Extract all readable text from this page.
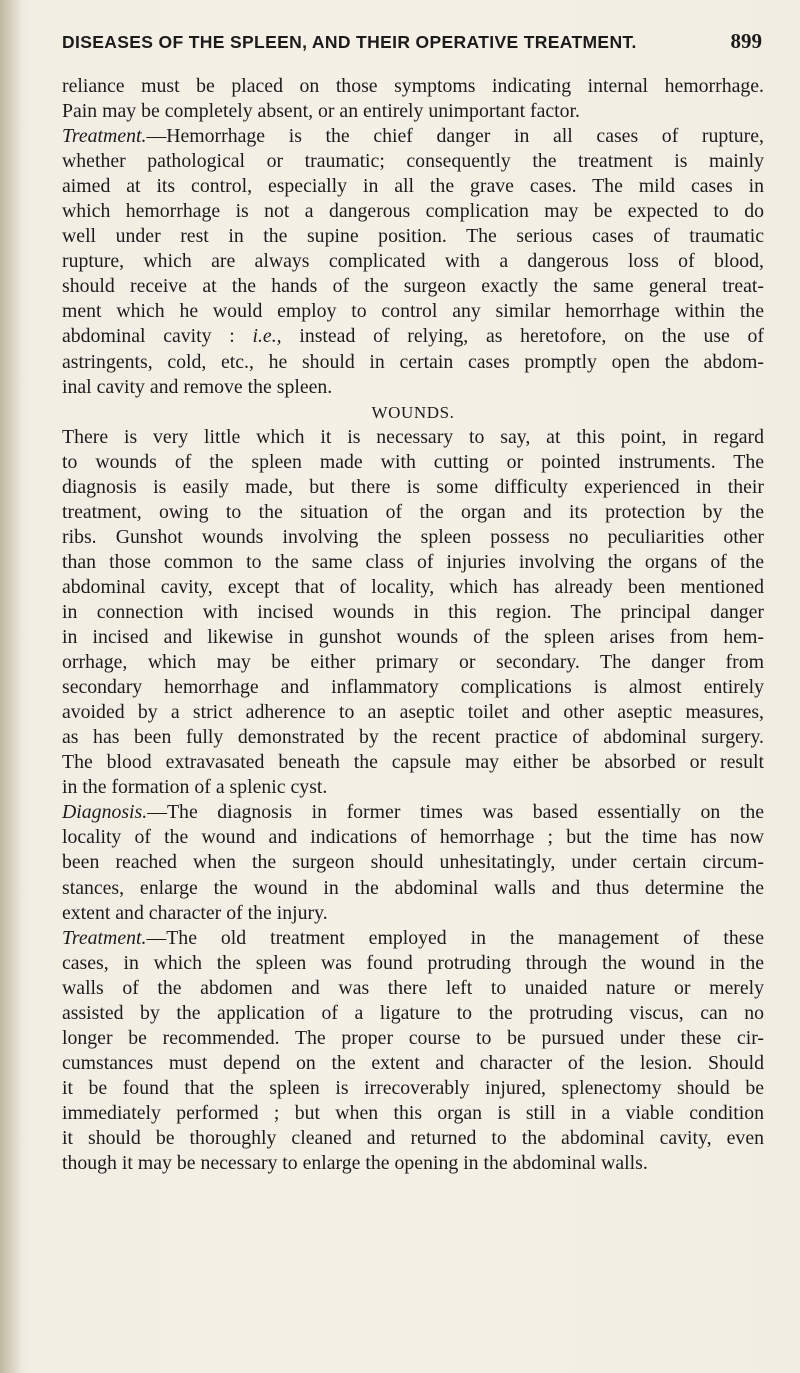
DISEASES OF THE SPLEEN, AND THEIR OPERATIVE TREATMENT.	899
reliance must be placed on those symptoms indicating internal hemorrhage.
Pain may be completely absent, or an entirely unimportant factor.
Treatment.—Hemorrhage is the chief danger in all cases of rupture,
whether pathological or traumatic; consequently the treatment is mainly
aimed at its control, especially in all the grave cases. The mild cases in
which hemorrhage is not a dangerous complication may be expected to do
well under rest in the supine position. The serious cases of traumatic
rupture, which are always complicated with a dangerous loss of blood,
should receive at the hands of the surgeon exactly the same general treat-
ment which he would employ to control any similar hemorrhage within the
abdominal cavity : i.e., instead of relying, as heretofore, on the use of
astringents, cold, etc., he should in certain cases promptly open the abdom-
inal cavity and remove the spleen.
WOUNDS.
There is very little which it is necessary to say, at this point, in regard
to wounds of the spleen made with cutting or pointed instruments. The
diagnosis is easily made, but there is some difficulty experienced in their
treatment, owing to the situation of the organ and its protection by the
ribs. Gunshot wounds involving the spleen possess no peculiarities other
than those common to the same class of injuries involving the organs of the
abdominal cavity, except that of locality, which has already been mentioned
in connection with incised wounds in this region. The principal danger
in incised and likewise in gunshot wounds of the spleen arises from hem-
orrhage, which may be either primary or secondary. The danger from
secondary hemorrhage and inflammatory complications is almost entirely
avoided by a strict adherence to an aseptic toilet and other aseptic measures,
as has been fully demonstrated by the recent practice of abdominal surgery.
The blood extravasated beneath the capsule may either be absorbed or result
in the formation of a splenic cyst.
Diagnosis.—The diagnosis in former times was based essentially on the
locality of the wound and indications of hemorrhage ; but the time has now
been reached when the surgeon should unhesitatingly, under certain circum-
stances, enlarge the wound in the abdominal walls and thus determine the
extent and character of the injury.
Treatment.—The old treatment employed in the management of these
cases, in which the spleen was found protruding through the wound in the
walls of the abdomen and was there left to unaided nature or merely
assisted by the application of a ligature to the protruding viscus, can no
longer be recommended. The proper course to be pursued under these cir-
cumstances must depend on the extent and character of the lesion. Should
it be found that the spleen is irrecoverably injured, splenectomy should be
immediately performed ; but when this organ is still in a viable condition
it should be thoroughly cleaned and returned to the abdominal cavity, even
though it may be necessary to enlarge the opening in the abdominal walls.
